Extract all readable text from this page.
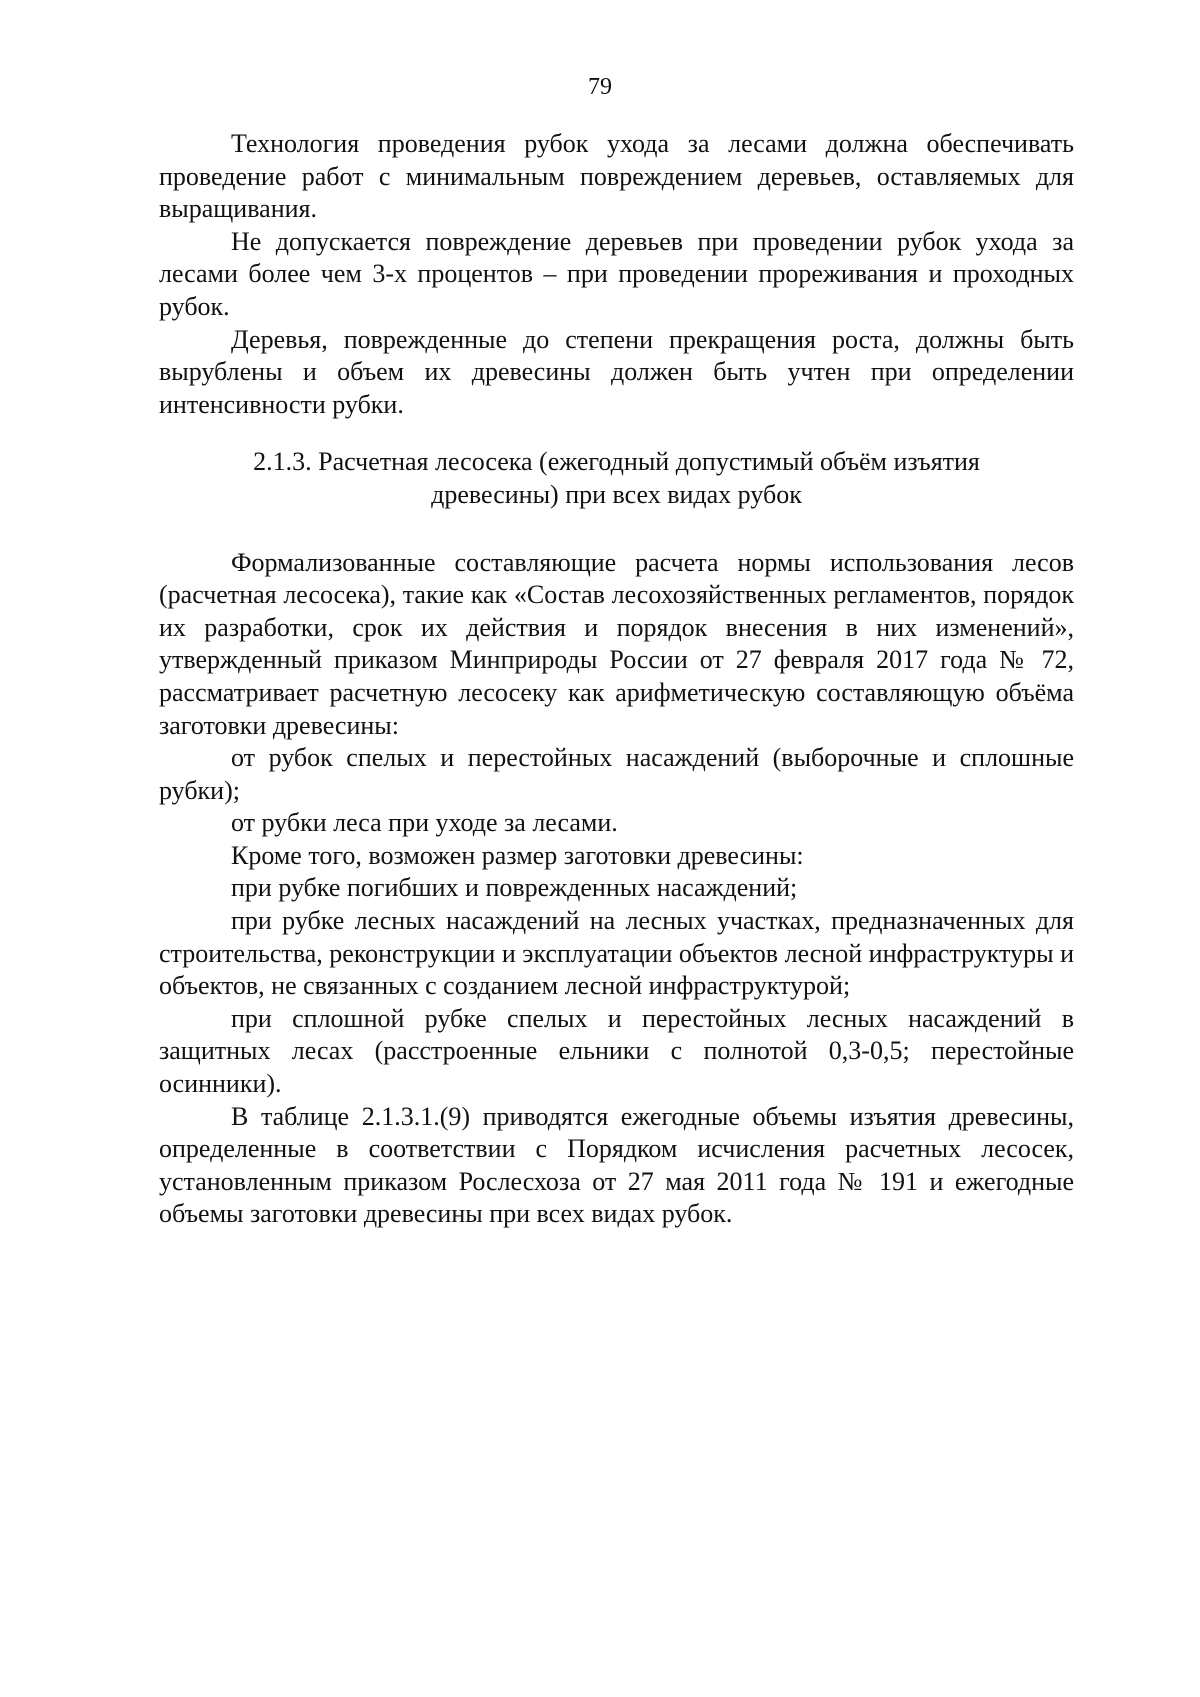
79

Технология проведения рубок ухода за лесами должна обеспечивать проведение работ с минимальным повреждением деревьев, оставляемых для выращивания.

Не допускается повреждение деревьев при проведении рубок ухода за лесами более чем 3-х процентов – при проведении прореживания и проходных рубок.

Деревья, поврежденные до степени прекращения роста, должны быть вырублены и объем их древесины должен быть учтен при определении интенсивности рубки.

2.1.3. Расчетная лесосека (ежегодный допустимый объём изъятия
древесины) при всех видах рубок

Формализованные составляющие расчета нормы использования лесов (расчетная лесосека), такие как «Состав лесохозяйственных регламентов, порядок их разработки, срок их действия и порядок внесения в них изменений», утвержденный приказом Минприроды России от 27 февраля 2017 года № 72, рассматривает расчетную лесосеку как арифметическую составляющую объёма заготовки древесины:

от рубок спелых и перестойных насаждений (выборочные и сплошные рубки);

от рубки леса при уходе за лесами.

Кроме того, возможен размер заготовки древесины:

при рубке погибших и поврежденных насаждений;

при рубке лесных насаждений на лесных участках, предназначенных для строительства, реконструкции и эксплуатации объектов лесной инфраструктуры и объектов, не связанных с созданием лесной инфраструктурой;

при сплошной рубке спелых и перестойных лесных насаждений в защитных лесах (расстроенные ельники с полнотой 0,3-0,5; перестойные осинники).

В таблице 2.1.3.1.(9) приводятся ежегодные объемы изъятия древесины, определенные в соответствии с Порядком исчисления расчетных лесосек, установленным приказом Рослесхоза от 27 мая 2011 года № 191 и ежегодные объемы заготовки древесины при всех видах рубок.
